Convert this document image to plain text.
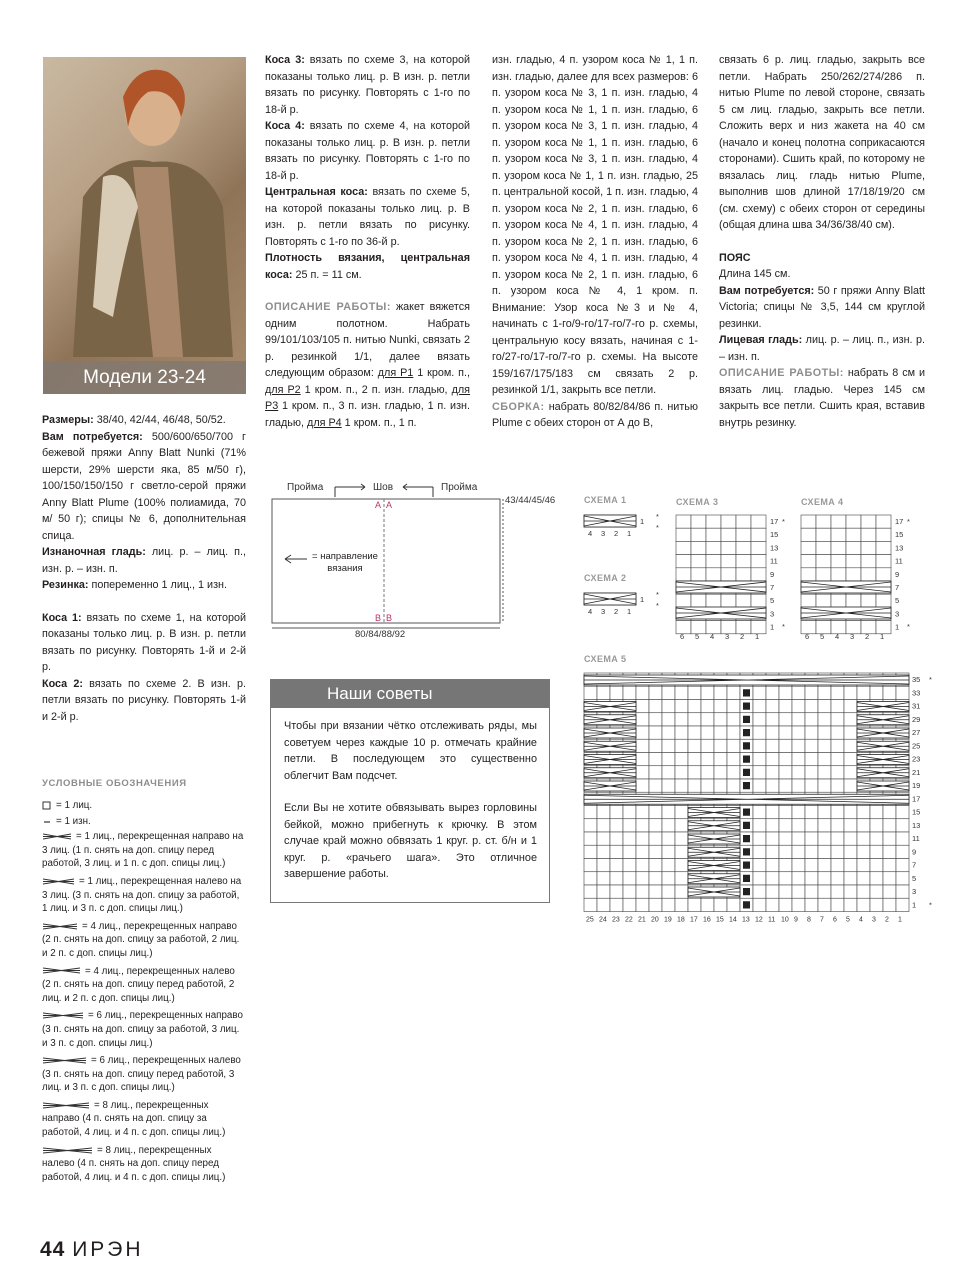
Модели 23-24

Размеры: 38/40, 42/44, 46/48, 50/52.

Вам потребуется: 500/600/650/700 г бежевой пряжи Anny Blatt Nunki (71% шерсти, 29% шерсти яка, 85 м/50 г), 100/150/150/150 г светло-серой пряжи Anny Blatt Plume (100% полиамида, 70 м/ 50 г); спицы № 6, дополнительная спица.

Изнаночная гладь: лиц. р. – лиц. п., изн. р. – изн. п.

Резинка: попеременно 1 лиц., 1 изн.

Коса 1: вязать по схеме 1, на которой показаны только лиц. р. В изн. р. петли вязать по рисунку. Повторять 1-й и 2-й р.

Коса 2: вязать по схеме 2. В изн. р. петли вязать по рисунку. Повторять 1-й и 2-й р.

УСЛОВНЫЕ ОБОЗНАЧЕНИЯ
= 1 лиц.
= 1 изн.
= 1 лиц., перекрещенная направо на 3 лиц. (1 п. снять на доп. спицу перед работой, 3 лиц. и 1 п. с доп. спицы лиц.)
= 1 лиц., перекрещенная налево на 3 лиц. (3 п. снять на доп. спицу за работой, 1 лиц. и 3 п. с доп. спицы лиц.)
= 4 лиц., перекрещенных направо (2 п. снять на доп. спицу за работой, 2 лиц. и 2 п. с доп. спицы лиц.)
= 4 лиц., перекрещенных налево (2 п. снять на доп. спицу перед работой, 2 лиц. и 2 п. с доп. спицы лиц.)
= 6 лиц., перекрещенных направо (3 п. снять на доп. спицу за работой, 3 лиц. и 3 п. с доп. спицы лиц.)
= 6 лиц., перекрещенных налево (3 п. снять на доп. спицу перед работой, 3 лиц. и 3 п. с доп. спицы лиц.)
= 8 лиц., перекрещенных направо (4 п. снять на доп. спицу за работой, 4 лиц. и 4 п. с доп. спицы лиц.)
= 8 лиц., перекрещенных налево (4 п. снять на доп. спицу перед работой, 4 лиц. и 4 п. с доп. спицы лиц.)

Коса 3: вязать по схеме 3, на которой показаны только лиц. р. В изн. р. петли вязать по рисунку. Повторять с 1-го по 18-й р.

Коса 4: вязать по схеме 4, на которой показаны только лиц. р. В изн. р. петли вязать по рисунку. Повторять с 1-го по 18-й р.

Центральная коса: вязать по схеме 5, на которой показаны только лиц. р. В изн. р. петли вязать по рисунку. Повторять с 1-го по 36-й р.

Плотность вязания, центральная коса: 25 п. = 11 см.

ОПИСАНИЕ РАБОТЫ: жакет вяжется одним полотном. Набрать 99/101/103/105 п. нитью Nunki, связать 2 р. резинкой 1/1, далее вязать следующим образом: для Р1 1 кром. п., для Р2 1 кром. п., 2 п. изн. гладью, для Р3 1 кром. п., 3 п. изн. гладью, 1 п. изн. гладью, для Р4 1 кром. п., 1 п.

изн. гладью, 4 п. узором коса № 1, 1 п. изн. гладью, далее для всех размеров: 6 п. узором коса № 3, 1 п. изн. гладью, 4 п. узором коса № 1, 1 п. изн. гладью, 6 п. узором коса № 3, 1 п. изн. гладью, 4 п. узором коса № 1, 1 п. изн. гладью, 6 п. узором коса № 3, 1 п. изн. гладью, 4 п. узором коса № 1, 1 п. изн. гладью, 25 п. центральной косой, 1 п. изн. гладью, 4 п. узором коса № 2, 1 п. изн. гладью, 6 п. узором коса № 4, 1 п. изн. гладью, 4 п. узором коса № 2, 1 п. изн. гладью, 6 п. узором коса № 4, 1 п. изн. гладью, 4 п. узором коса № 2, 1 п. изн. гладью, 6 п. узором коса № 4, 1 кром. п. Внимание: Узор коса №3 и № 4, начинать с 1-го/9-го/17-го/7-го р. схемы, центральную косу вязать, начиная с 1-го/27-го/17-го/7-го р. схемы. На высоте 159/167/175/183 см связать 2 р. резинкой 1/1, закрыть все петли.

СБОРКА: набрать 80/82/84/86 п. нитью Plume с обеих сторон от А до В,

связать 6 р. лиц. гладью, закрыть все петли. Набрать 250/262/274/286 п. нитью Plume по левой стороне, связать 5 см лиц. гладью, закрыть все петли. Сложить верх и низ жакета на 40 см (начало и конец полотна соприкасаются сторонами). Сшить край, по которому не вязалась лиц. гладь нитью Plume, выполнив шов длиной 17/18/19/20 см (см. схему) с обеих сторон от середины (общая длина шва 34/36/38/40 см).

ПОЯС

Длина 145 см.

Вам потребуется: 50 г пряжи Anny Blatt Victoria; спицы № 3,5, 144 см круглой резинки.

Лицевая гладь: лиц. р. – лиц. п., изн. р. – изн. п.

ОПИСАНИЕ РАБОТЫ: набрать 8 см и вязать лиц. гладью. Через 145 см закрыть все петли. Сшить края, вставив внутрь резинку.

Пройма	Шов	Пройма
А А
В В
= направление вязания
43/44/45/46
80/84/88/92
СХЕМА 1
СХЕМА 2
СХЕМА 3	СХЕМА 4
СХЕМА 5
1
*
*
4 3 2 1
1
*
*
4 3 2 1
17
15
13
11
9
7
5
3
1
*
*
6 5 4 3 2 1
17
15
13
11
9
7
5
3
1
*
*
6 5 4 3 2 1
35
33
31
29
27
25
23
21
19
17
15
13
11
9
7
5
3
1
*
*
25 24 23 22 21 20 19 18 17 16 15 14 13 12 11 10 9 8 7 6 5 4 3 2 1
Наши советы

Чтобы при вязании чётко отслеживать ряды, мы советуем через каждые 10 р. отмечать крайние петли. В последующем это существенно облегчит Вам подсчет.

Если Вы не хотите обвязывать вырез горловины бейкой, можно прибегнуть к крючку. В этом случае край можно обвязать 1 круг. р. ст. б/н и 1 круг. р. «рачьего шага». Это отличное завершение работы.

44 ИРЭН
